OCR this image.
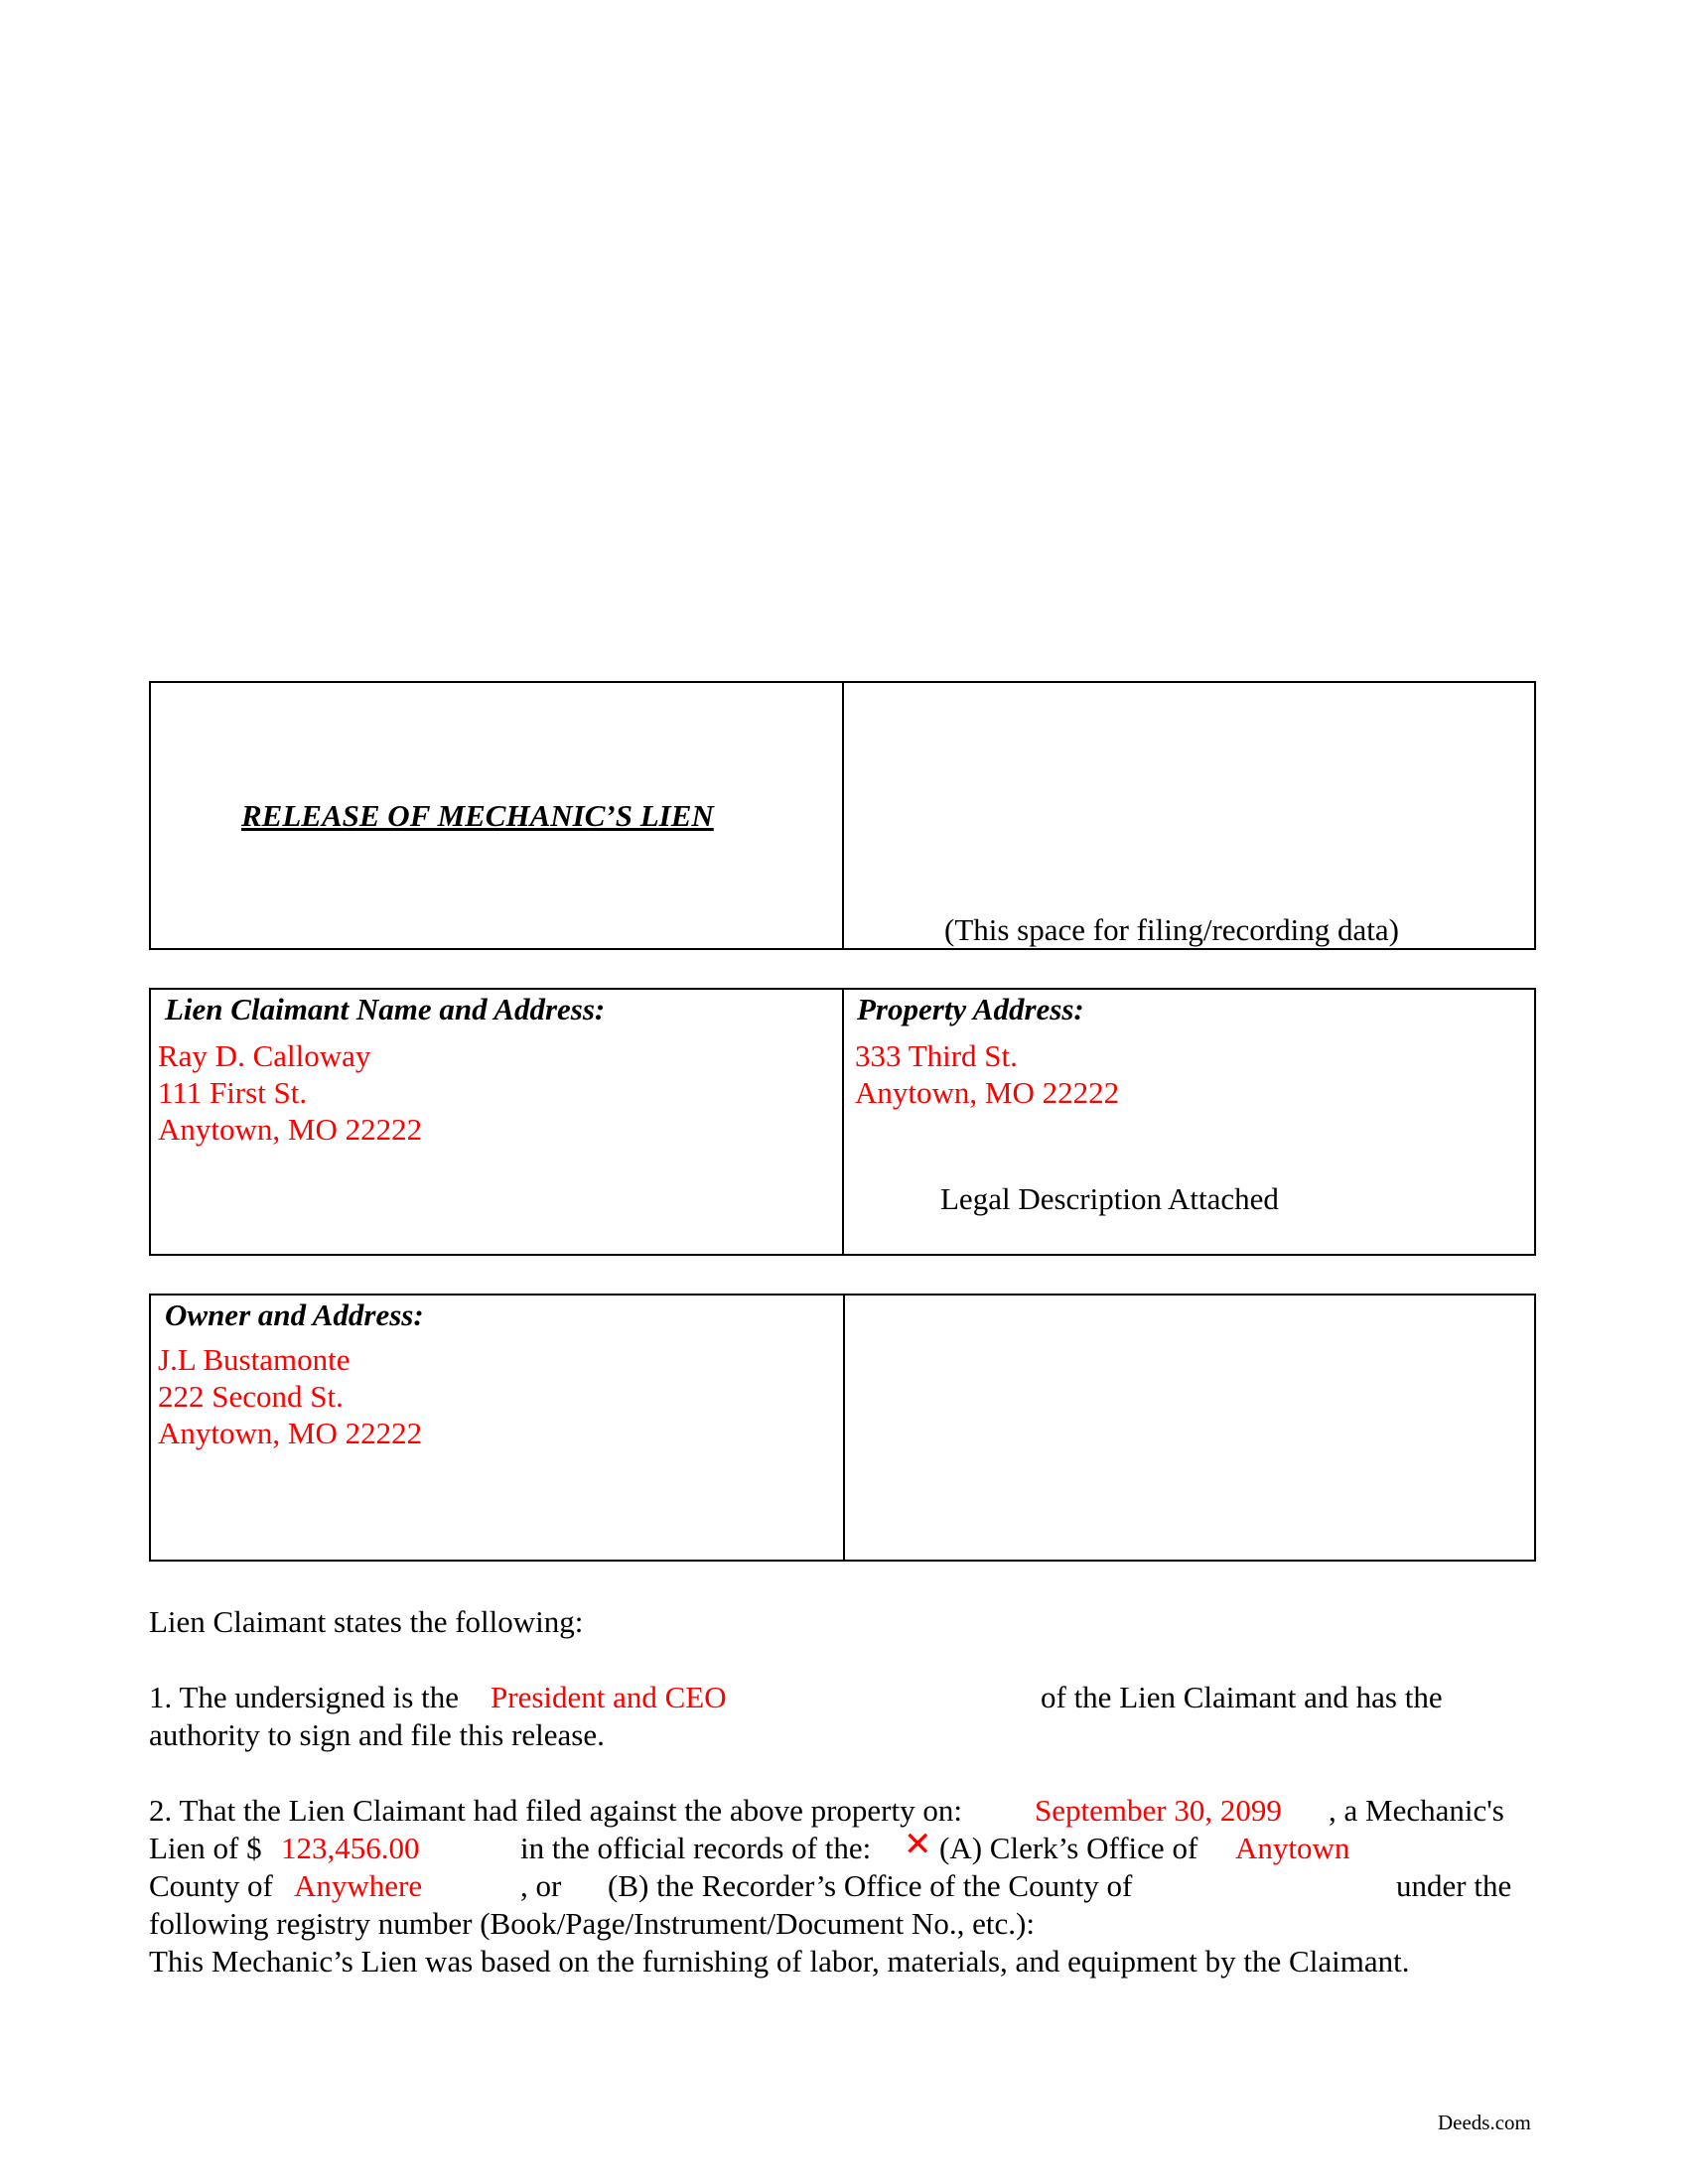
RELEASE OF MECHANIC’S LIEN
(This space for filing/recording data)
Lien Claimant Name and Address:
Ray D. Calloway
111 First St.
Anytown, MO 22222
Property Address:
333 Third St.
Anytown, MO 22222
Legal Description Attached
Owner and Address:
J.L Bustamonte
222 Second St.
Anytown, MO 22222
Lien Claimant states the following:
1. The undersigned is the President and CEO	of the Lien Claimant and has the
authority to sign and file this release.
2. That the Lien Claimant had filed against the above property on: September 30, 2099 , a Mechanic's
Lien of $ 123,456.00	in the official records of the: ✕ (A) Clerk’s Office of Anytown
County of Anywhere	, or (B) the Recorder’s Office of the County of	under the
following registry number (Book/Page/Instrument/Document No., etc.):
This Mechanic’s Lien was based on the furnishing of labor, materials, and equipment by the Claimant.
Deeds.com
